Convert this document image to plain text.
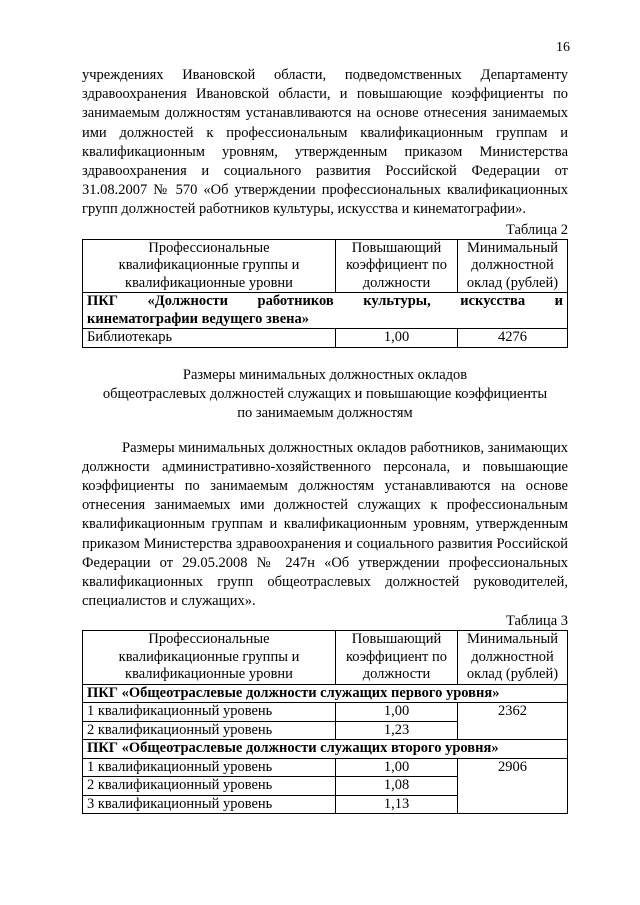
16

учреждениях Ивановской области, подведомственных Департаменту здравоохранения Ивановской области, и повышающие коэффициенты по занимаемым должностям устанавливаются на основе отнесения занимаемых ими должностей к профессиональным квалификационным группам и квалификационным уровням, утвержденным приказом Министерства здравоохранения и социального развития Российской Федерации от 31.08.2007 № 570 «Об утверждении профессиональных квалификационных групп должностей работников культуры, искусства и кинематографии».

Таблица 2
Профессиональные квалификационные группы и квалификационные уровни	Повышающий коэффициент по должности	Минимальный должностной оклад (рублей)

ПКГ «Должности работников культуры, искусства и
кинематографии ведущего звена»		

Библиотекарь	1,00	4276
Размеры минимальных должностных окладов
общеотраслевых должностей служащих и повышающие коэффициенты
по занимаемым должностям

Размеры минимальных должностных окладов работников, занимающих должности административно-хозяйственного персонала, и повышающие коэффициенты по занимаемым должностям устанавливаются на основе отнесения занимаемых ими должностей служащих к профессиональным квалификационным группам и квалификационным уровням, утвержденным приказом Министерства здравоохранения и социального развития Российской Федерации от 29.05.2008 № 247н «Об утверждении профессиональных квалификационных групп общеотраслевых должностей руководителей, специалистов и служащих».

Таблица 3
Профессиональные квалификационные группы и квалификационные уровни	Повышающий коэффициент по должности	Минимальный должностной оклад (рублей)
ПКГ «Общеотраслевые должности служащих первого уровня»		
1 квалификационный уровень	1,00	2362
2 квалификационный уровень	1,23	
ПКГ «Общеотраслевые должности служащих второго уровня»		
1 квалификационный уровень	1,00	2906
2 квалификационный уровень	1,08	
3 квалификационный уровень	1,13	
